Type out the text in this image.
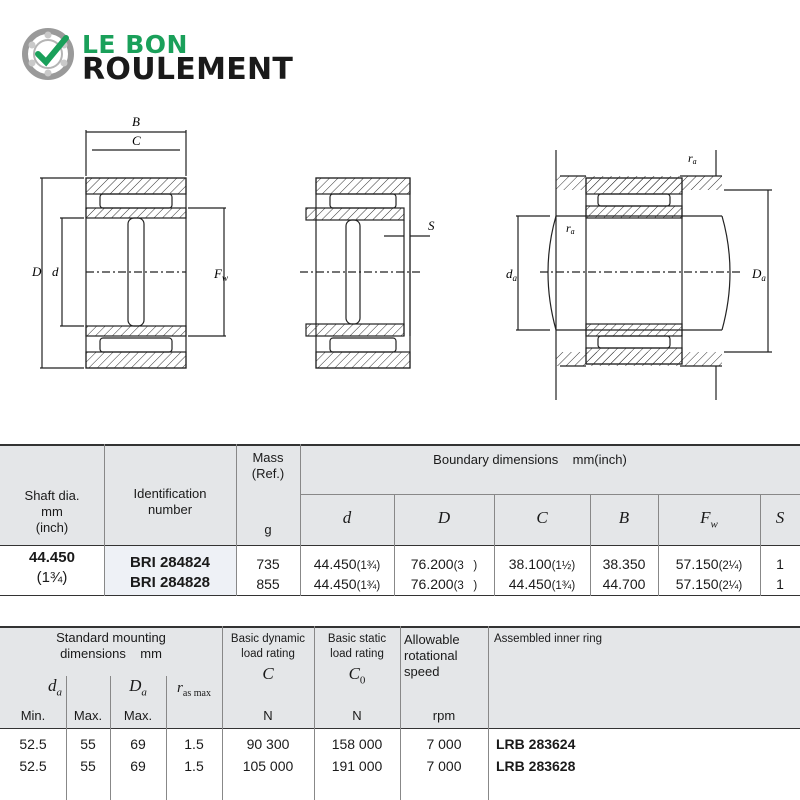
LE BON
ROULEMENT
B
C
D d	$F_w$
S
ra
ra
$d_a$	$D_a$
Shaft dia.
mm
(inch)
Identification
number
Mass
(Ref.)
g
Boundary dimensions    mm(inch)
d	D	C	B	$F_w$	S
44.450
(1¾)
BRI 284824	735	44.450(1¾)	76.200(3   )	38.100(1½)	38.350	57.150(2¼)	1
BRI 284828	855	44.450(1¾)	76.200(3   )	44.450(1¾)	44.700	57.150(2¼)	1
Standard mounting
dimensions    mm
$d_a$	$D_a$	$r_{as max}$
Min.	Max.	Max.
Basic dynamic
load rating
C
N
Basic static
load rating
$C_0$
N
Allowable
rotational
speed
rpm
Assembled inner ring
52.5	55	69	1.5	90 300	158 000	7 000	LRB 283624
52.5	55	69	1.5	105 000	191 000	7 000	LRB 283628
